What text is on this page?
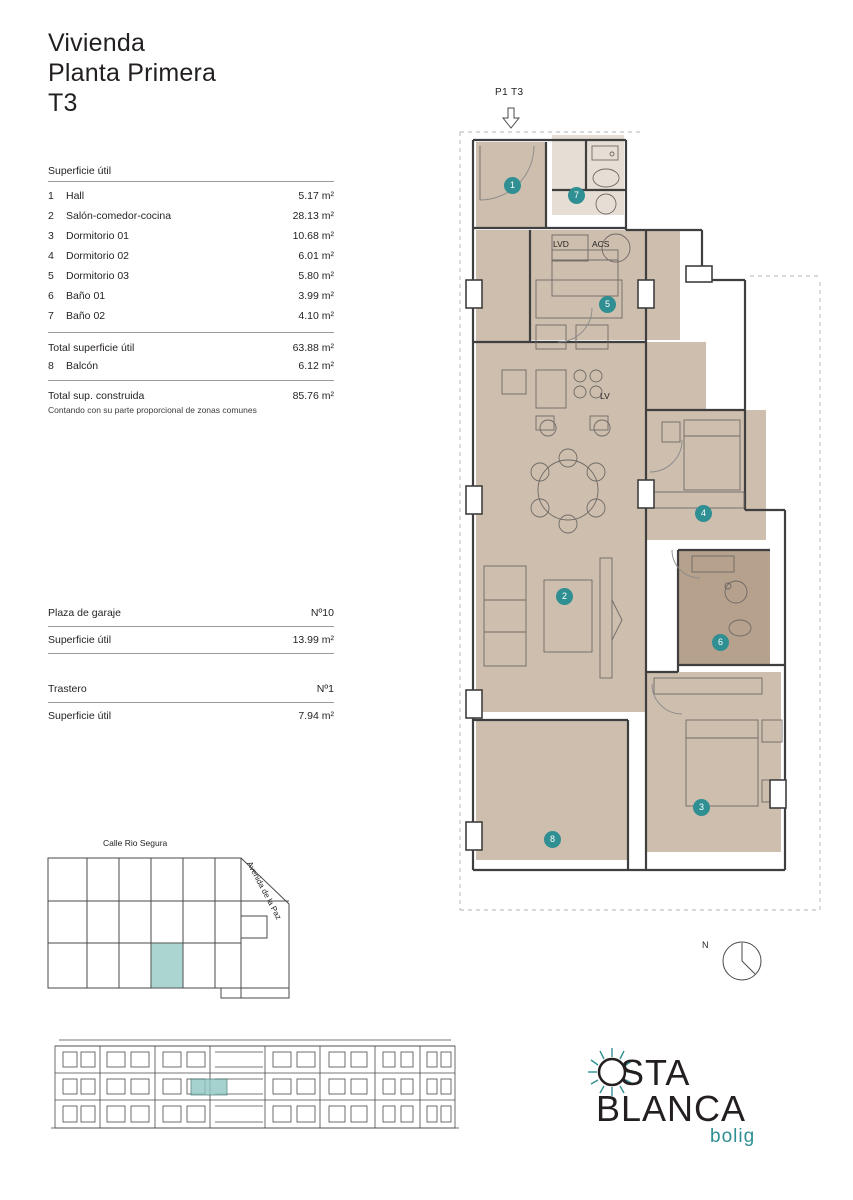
Vivienda
Planta Primera
T3
Superficie útil
1	Hall	5.17 m²
2	Salón-comedor-cocina	28.13 m²
3	Dormitorio 01	10.68 m²
4	Dormitorio 02	6.01 m²
5	Dormitorio 03	5.80 m²
6	Baño 01	3.99 m²
7	Baño 02	4.10 m²
Total superficie útil	63.88 m²
8 Balcón	6.12 m²
Total sup. construida	85.76 m²
Contando con su parte proporcional de zonas comunes
Plaza de garaje	Nº10
Superficie útil	13.99 m²
Trastero	Nº1
Superficie útil	7.94 m²
Calle Rio Segura
Avenida de la Paz
P1 T3
LVD	ACS
LV
1
7
5
4
2
6
3
8
N
STA
BLANCA
bolig
